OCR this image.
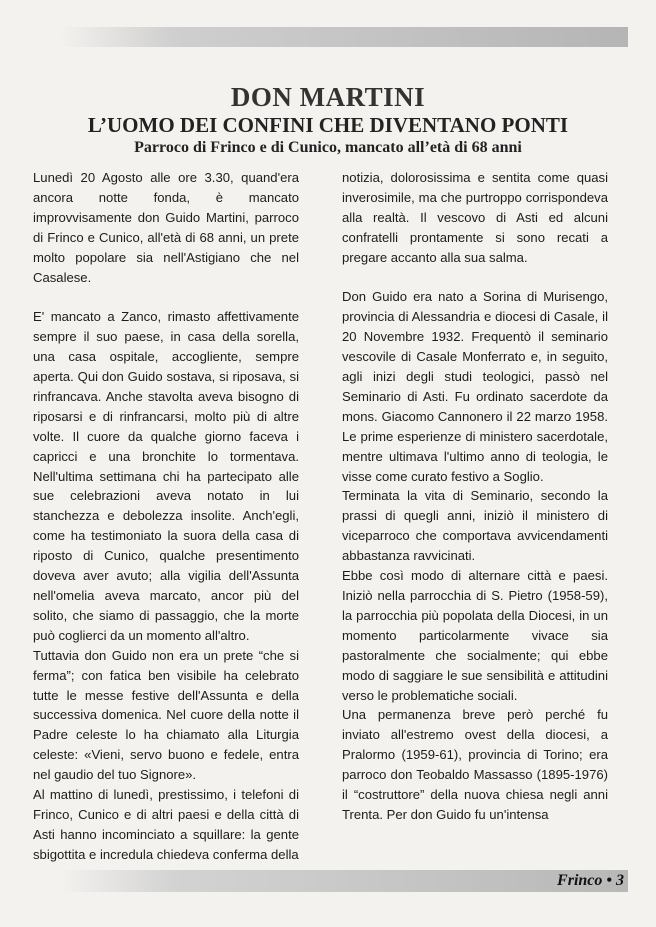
DON MARTINI
L’UOMO DEI CONFINI CHE DIVENTANO PONTI
Parroco di Frinco e di Cunico, mancato all’età di 68 anni

Lunedì 20 Agosto alle ore 3.30, quand'era ancora notte fonda, è mancato improvvisamente don Guido Martini, parroco di Frinco e Cunico, all'età di 68 anni, un prete molto popolare sia nell'Astigiano che nel Casalese.

E' mancato a Zanco, rimasto affettivamente sempre il suo paese, in casa della sorella, una casa ospitale, accogliente, sempre aperta. Qui don Guido sostava, si riposava, si rinfrancava. Anche stavolta aveva bisogno di riposarsi e di rinfrancarsi, molto più di altre volte. Il cuore da qualche giorno faceva i capricci e una bronchite lo tormentava. Nell'ultima settimana chi ha partecipato alle sue celebrazioni aveva notato in lui stanchezza e debolezza insolite. Anch'egli, come ha testimoniato la suora della casa di riposto di Cunico, qualche presentimento doveva aver avuto; alla vigilia dell'Assunta nell'omelia aveva marcato, ancor più del solito, che siamo di passaggio, che la morte può coglierci da un momento all'altro.

Tuttavia don Guido non era un prete “che si ferma”; con fatica ben visibile ha celebrato tutte le messe festive dell'Assunta e della successiva domenica. Nel cuore della notte il Padre celeste lo ha chiamato alla Liturgia celeste: «Vieni, servo buono e fedele, entra nel gaudio del tuo Signore».

Al mattino di lunedì, prestissimo, i telefoni di Frinco, Cunico e di altri paesi e della città di Asti hanno incominciato a squillare: la gente sbigottita e incredula chiedeva conferma della

notizia, dolorosissima e sentita come quasi inverosimile, ma che purtroppo corrispondeva alla realtà. Il vescovo di Asti ed alcuni confratelli prontamente si sono recati a pregare accanto alla sua salma.

Don Guido era nato a Sorina di Murisengo, provincia di Alessandria e diocesi di Casale, il 20 Novembre 1932. Frequentò il seminario vescovile di Casale Monferrato e, in seguito, agli inizi degli studi teologici, passò nel Seminario di Asti. Fu ordinato sacerdote da mons. Giacomo Cannonero il 22 marzo 1958. Le prime esperienze di ministero sacerdotale, mentre ultimava l'ultimo anno di teologia, le visse come curato festivo a Soglio.

Terminata la vita di Seminario, secondo la prassi di quegli anni, iniziò il ministero di viceparroco che comportava avvicendamenti abbastanza ravvicinati.

Ebbe così modo di alternare città e paesi. Iniziò nella parrocchia di S. Pietro (1958-59), la parrocchia più popolata della Diocesi, in un momento particolarmente vivace sia pastoralmente che socialmente; qui ebbe modo di saggiare le sue sensibilità e attitudini verso le problematiche sociali.

Una permanenza breve però perché fu inviato all'estremo ovest della diocesi, a Pralormo (1959-61), provincia di Torino; era parroco don Teobaldo Massasso (1895-1976) il “costruttore” della nuova chiesa negli anni Trenta. Per don Guido fu un'intensa

Frinco • 3
